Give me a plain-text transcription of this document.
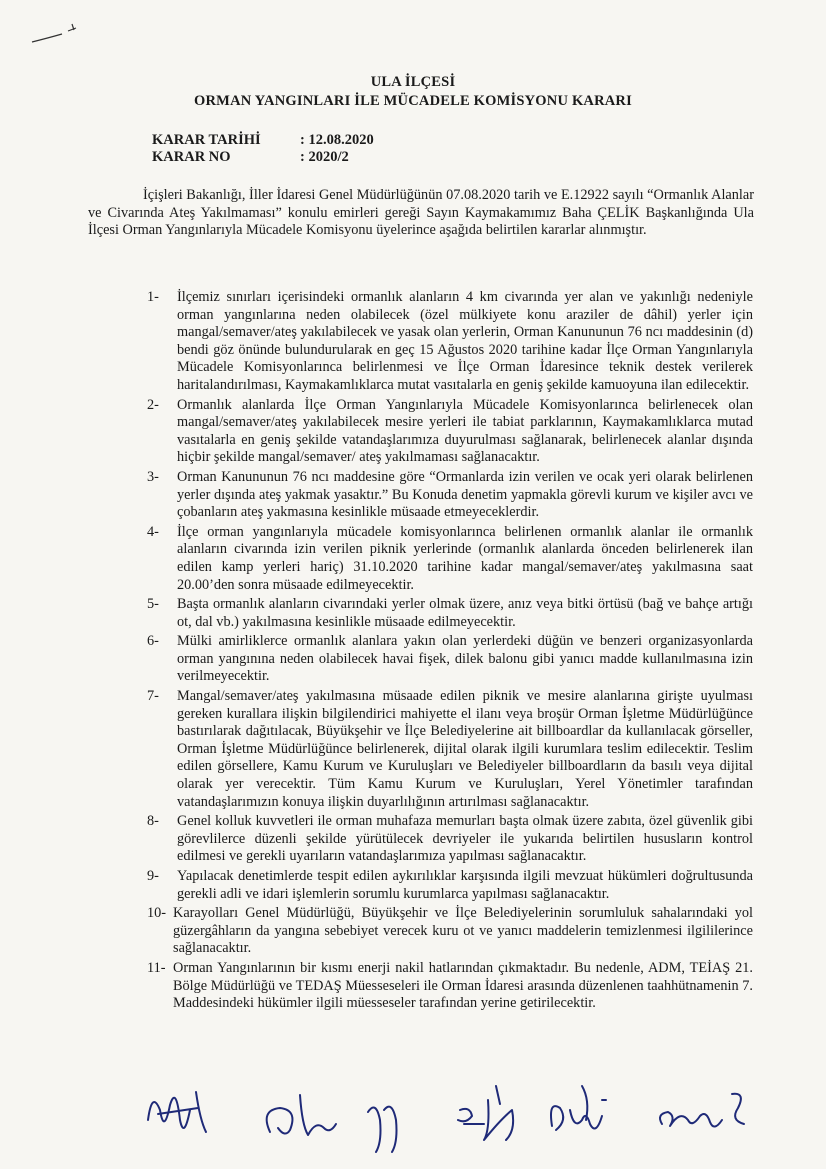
ULA İLÇESİ
ORMAN YANGINLARI İLE MÜCADELE KOMİSYONU KARARI
KARAR TARİHİ	: 12.08.2020
KARAR NO	: 2020/2
İçişleri Bakanlığı, İller İdaresi Genel Müdürlüğünün 07.08.2020 tarih ve E.12922 sayılı “Ormanlık Alanlar ve Civarında Ateş Yakılmaması” konulu emirleri gereği Sayın Kaymakamımız Baha ÇELİK Başkanlığında Ula İlçesi Orman Yangınlarıyla Mücadele Komisyonu üyelerince aşağıda belirtilen kararlar alınmıştır.
1-	İlçemiz sınırları içerisindeki ormanlık alanların 4 km civarında yer alan ve yakınlığı nedeniyle orman yangınlarına neden olabilecek (özel mülkiyete konu araziler de dâhil) yerler için mangal/semaver/ateş yakılabilecek ve yasak olan yerlerin, Orman Kanununun 76 ncı maddesinin (d) bendi göz önünde bulundurularak en geç 15 Ağustos 2020 tarihine kadar İlçe Orman Yangınlarıyla Mücadele Komisyonlarınca belirlenmesi ve İlçe Orman İdaresince teknik destek verilerek haritalandırılması, Kaymakamlıklarca mutat vasıtalarla en geniş şekilde kamuoyuna ilan edilecektir.
2-	Ormanlık alanlarda İlçe Orman Yangınlarıyla Mücadele Komisyonlarınca belirlenecek olan mangal/semaver/ateş yakılabilecek mesire yerleri ile tabiat parklarının, Kaymakamlıklarca mutad vasıtalarla en geniş şekilde vatandaşlarımıza duyurulması sağlanarak, belirlenecek alanlar dışında hiçbir şekilde mangal/semaver/ ateş yakılmaması sağlanacaktır.
3-	Orman Kanununun 76 ncı maddesine göre “Ormanlarda izin verilen ve ocak yeri olarak belirlenen yerler dışında ateş yakmak yasaktır.” Bu Konuda denetim yapmakla görevli kurum ve kişiler avcı ve çobanların ateş yakmasına kesinlikle müsaade etmeyeceklerdir.
4-	İlçe orman yangınlarıyla mücadele komisyonlarınca belirlenen ormanlık alanlar ile ormanlık alanların civarında izin verilen piknik yerlerinde (ormanlık alanlarda önceden belirlenerek ilan edilen kamp yerleri hariç) 31.10.2020 tarihine kadar mangal/semaver/ateş yakılmasına saat 20.00’den sonra müsaade edilmeyecektir.
5-	Başta ormanlık alanların civarındaki yerler olmak üzere, anız veya bitki örtüsü (bağ ve bahçe artığı ot, dal vb.) yakılmasına kesinlikle müsaade edilmeyecektir.
6-	Mülki amirliklerce ormanlık alanlara yakın olan yerlerdeki düğün ve benzeri organizasyonlarda orman yangınına neden olabilecek havai fişek, dilek balonu gibi yanıcı madde kullanılmasına izin verilmeyecektir.
7-	Mangal/semaver/ateş yakılmasına müsaade edilen piknik ve mesire alanlarına girişte uyulması gereken kurallara ilişkin bilgilendirici mahiyette el ilanı veya broşür Orman İşletme Müdürlüğünce bastırılarak dağıtılacak, Büyükşehir ve İlçe Belediyelerine ait billboardlar da kullanılacak görseller, Orman İşletme Müdürlüğünce belirlenerek, dijital olarak ilgili kurumlara teslim edilecektir. Teslim edilen görsellere, Kamu Kurum ve Kuruluşları ve Belediyeler billboardların da basılı veya dijital olarak yer verecektir. Tüm Kamu Kurum ve Kuruluşları, Yerel Yönetimler tarafından vatandaşlarımızın konuya ilişkin duyarlılığının artırılması sağlanacaktır.
8-	Genel kolluk kuvvetleri ile orman muhafaza memurları başta olmak üzere zabıta, özel güvenlik gibi görevlilerce düzenli şekilde yürütülecek devriyeler ile yukarıda belirtilen hususların kontrol edilmesi ve gerekli uyarıların vatandaşlarımıza yapılması sağlanacaktır.
9-	Yapılacak denetimlerde tespit edilen aykırılıklar karşısında ilgili mevzuat hükümleri doğrultusunda gerekli adli ve idari işlemlerin sorumlu kurumlarca yapılması sağlanacaktır.
10- Karayolları Genel Müdürlüğü, Büyükşehir ve İlçe Belediyelerinin sorumluluk sahalarındaki yol güzergâhların da yangına sebebiyet verecek kuru ot ve yanıcı maddelerin temizlenmesi ilgililerince sağlanacaktır.
11- Orman Yangınlarının bir kısmı enerji nakil hatlarından çıkmaktadır. Bu nedenle, ADM, TEİAŞ 21. Bölge Müdürlüğü ve TEDAŞ Müesseseleri ile Orman İdaresi arasında düzenlenen taahhütnamenin 7. Maddesindeki hükümler ilgili müesseseler tarafından yerine getirilecektir.
